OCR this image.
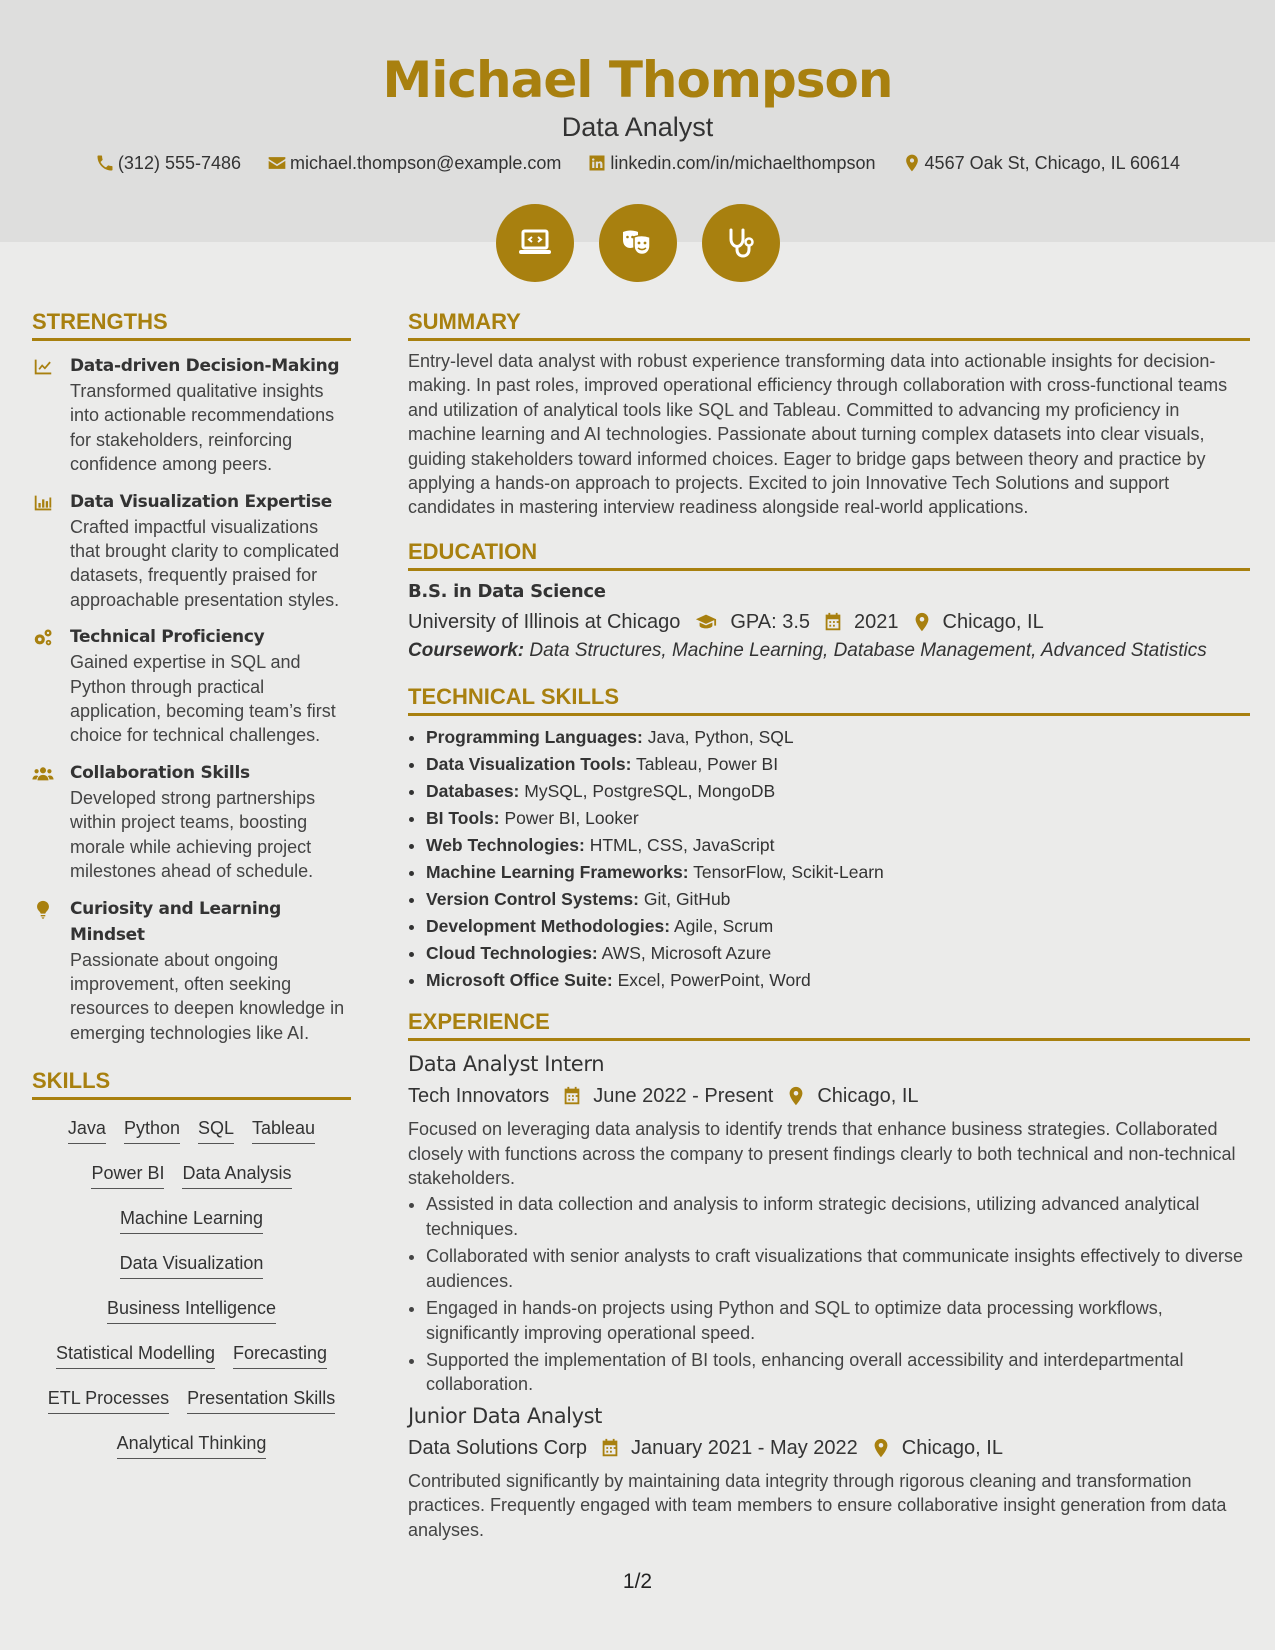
Michael Thompson
Data Analyst
(312) 555-7486	michael.thompson@example.com	linkedin.com/in/michaelthompson	4567 Oak St, Chicago, IL 60614
STRENGTHS
Data-driven Decision-Making
Transformed qualitative insights into actionable recommendations for stakeholders, reinforcing confidence among peers.
Data Visualization Expertise
Crafted impactful visualizations that brought clarity to complicated datasets, frequently praised for approachable presentation styles.
Technical Proficiency
Gained expertise in SQL and Python through practical application, becoming team’s first choice for technical challenges.
Collaboration Skills
Developed strong partnerships within project teams, boosting morale while achieving project milestones ahead of schedule.
Curiosity and Learning Mindset
Passionate about ongoing improvement, often seeking resources to deepen knowledge in emerging technologies like AI.
SKILLS
Java Python SQL Tableau
Power BI Data Analysis
Machine Learning
Data Visualization
Business Intelligence
Statistical Modelling Forecasting
ETL Processes Presentation Skills
Analytical Thinking
SUMMARY
Entry-level data analyst with robust experience transforming data into actionable insights for decision-making. In past roles, improved operational efficiency through collaboration with cross-functional teams and utilization of analytical tools like SQL and Tableau. Committed to advancing my proficiency in machine learning and AI technologies. Passionate about turning complex datasets into clear visuals, guiding stakeholders toward informed choices. Eager to bridge gaps between theory and practice by applying a hands-on approach to projects. Excited to join Innovative Tech Solutions and support candidates in mastering interview readiness alongside real-world applications.
EDUCATION
B.S. in Data Science
University of Illinois at Chicago	GPA: 3.5 2021 Chicago, IL
Coursework: Data Structures, Machine Learning, Database Management, Advanced Statistics
TECHNICAL SKILLS
• Programming Languages: Java, Python, SQL
• Data Visualization Tools: Tableau, Power BI
• Databases: MySQL, PostgreSQL, MongoDB
• BI Tools: Power BI, Looker
• Web Technologies: HTML, CSS, JavaScript
• Machine Learning Frameworks: TensorFlow, Scikit-Learn
• Version Control Systems: Git, GitHub
• Development Methodologies: Agile, Scrum
• Cloud Technologies: AWS, Microsoft Azure
• Microsoft Office Suite: Excel, PowerPoint, Word
EXPERIENCE
Data Analyst Intern
Tech Innovators June 2022 - Present Chicago, IL
Focused on leveraging data analysis to identify trends that enhance business strategies. Collaborated closely with functions across the company to present findings clearly to both technical and non-technical stakeholders.
• Assisted in data collection and analysis to inform strategic decisions, utilizing advanced analytical techniques.
• Collaborated with senior analysts to craft visualizations that communicate insights effectively to diverse audiences.
• Engaged in hands-on projects using Python and SQL to optimize data processing workflows, significantly improving operational speed.
• Supported the implementation of BI tools, enhancing overall accessibility and interdepartmental collaboration.
Junior Data Analyst
Data Solutions Corp January 2021 - May 2022 Chicago, IL
Contributed significantly by maintaining data integrity through rigorous cleaning and transformation practices. Frequently engaged with team members to ensure collaborative insight generation from data analyses.
1/2
